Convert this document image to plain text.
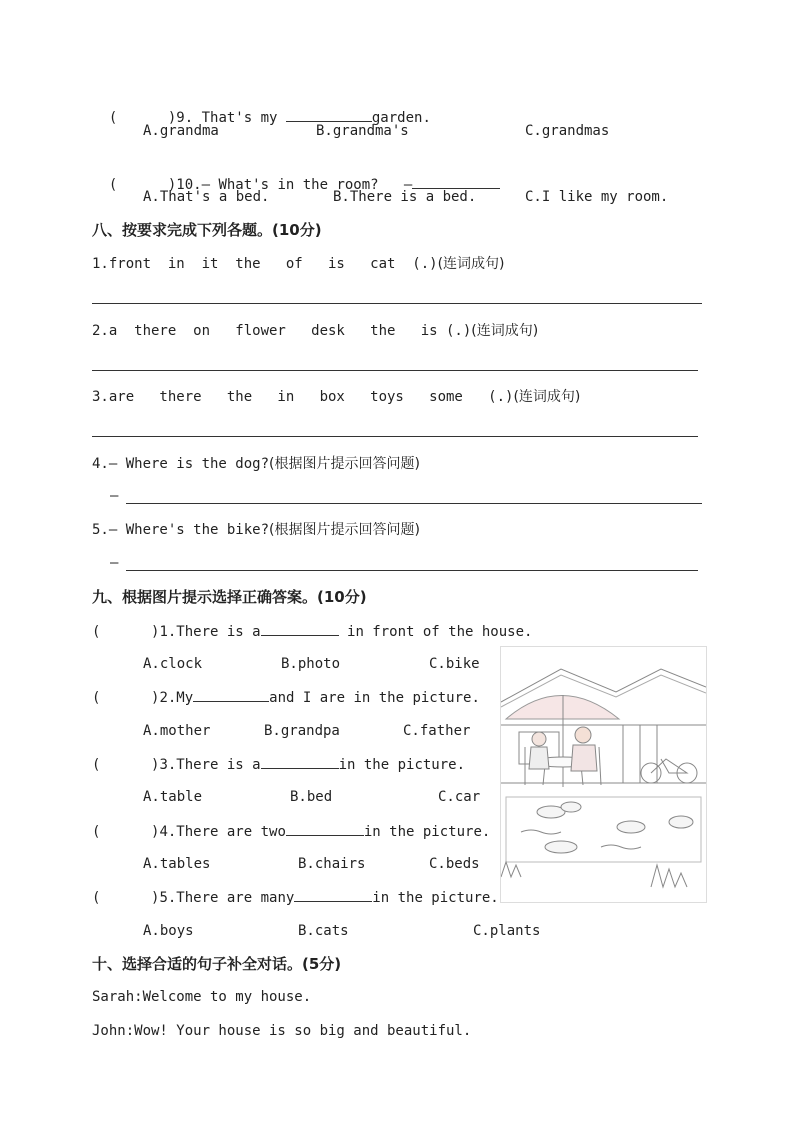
(      )9. That's my	garden.

A.grandma	B.grandma's	C.grandmas

(      )10.— What's in the room?   —

A.That's a bed.	B.There is a bed.	C.I like my room.
八、按要求完成下列各题。(10分)
1.front  in  it  the   of   is   cat  (.)(连词成句)
2.a  there  on   flower   desk   the   is (.)(连词成句)
3.are   there   the   in   box   toys   some   (.)(连词成句)
4.— Where is the dog?(根据图片提示回答问题)
—
5.— Where's the bike?(根据图片提示回答问题)
—
九、根据图片提示选择正确答案。(10分)
(      )1.There is a	in front of the house.
A.clock	B.photo	C.bike
(      )2.My	and I are in the picture.
A.mother	B.grandpa	C.father
(      )3.There is a	in the picture.
A.table	B.bed	C.car
(      )4.There are two	in the picture.
A.tables	B.chairs	C.beds
(      )5.There are many	in the picture.
A.boys	B.cats	C.plants
十、选择合适的句子补全对话。(5分)
Sarah:Welcome to my house.
John:Wow! Your house is so big and beautiful.
